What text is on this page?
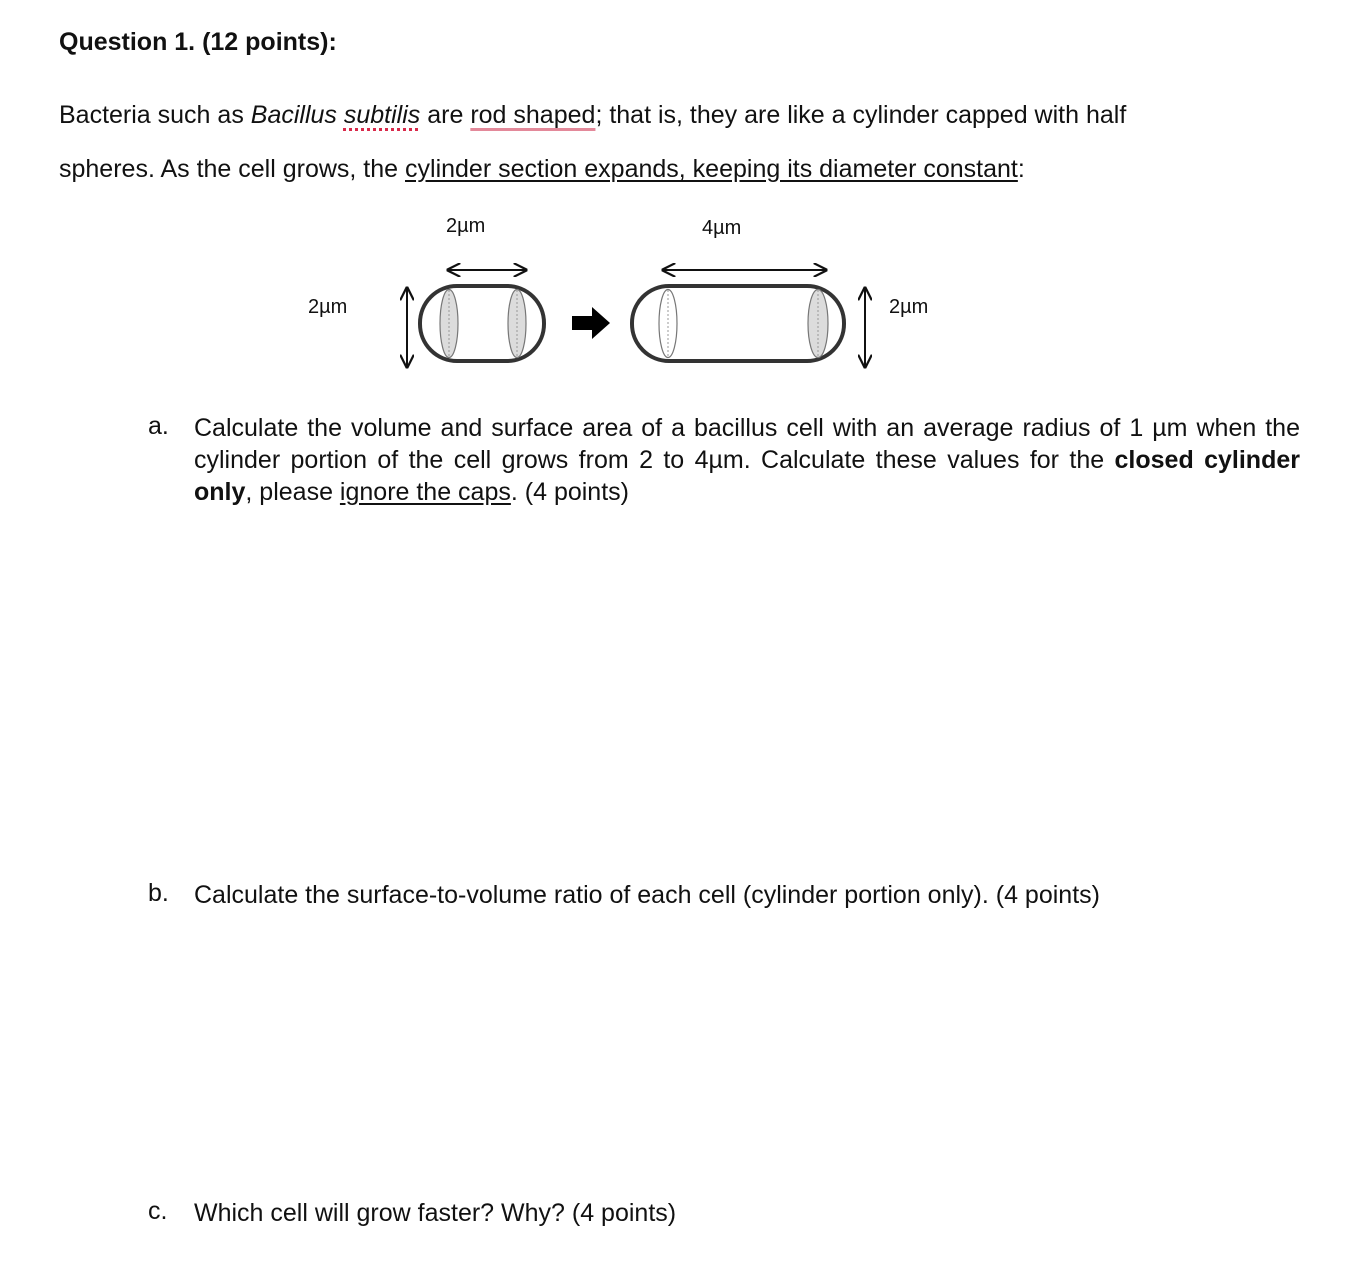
Question 1. (12 points):
Bacteria such as Bacillus subtilis are rod shaped; that is, they are like a cylinder capped with half
spheres. As the cell grows, the cylinder section expands, keeping its diameter constant:
2µm	4µm
2µm	2µm
a. Calculate the volume and surface area of a bacillus cell with an average radius of 1 µm when the cylinder portion of the cell grows from 2 to 4µm. Calculate these values for the closed cylinder only, please ignore the caps. (4 points)
b. Calculate the surface-to-volume ratio of each cell (cylinder portion only). (4 points)
c. Which cell will grow faster? Why? (4 points)
